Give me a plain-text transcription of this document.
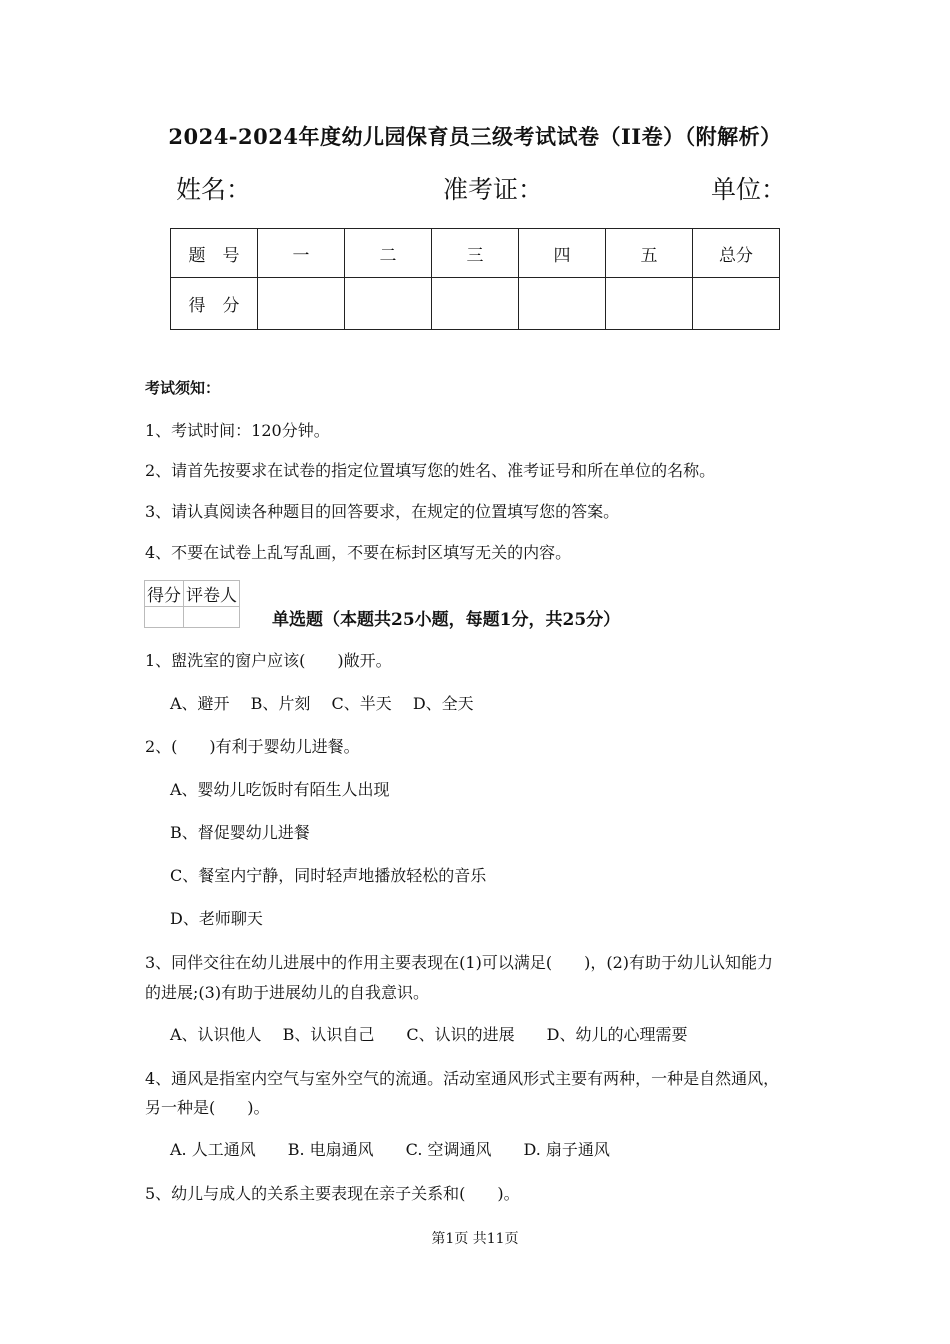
2024-2024年度幼儿园保育员三级考试试卷（II卷）（附解析）
姓名：	准考证：	单位：
题　号	一	二	三	四	五	总分
得　分						
考试须知：
1、考试时间：120分钟。
2、请首先按要求在试卷的指定位置填写您的姓名、准考证号和所在单位的名称。
3、请认真阅读各种题目的回答要求，在规定的位置填写您的答案。
4、不要在试卷上乱写乱画，不要在标封区填写无关的内容。
得分	评卷人

单选题（本题共25小题，每题1分，共25分）
1、盥洗室的窗户应该(　　)敞开。
A、避开　 B、片刻　 C、半天　 D、全天
2、(　　)有利于婴幼儿进餐。
A、婴幼儿吃饭时有陌生人出现
B、督促婴幼儿进餐
C、餐室内宁静，同时轻声地播放轻松的音乐
D、老师聊天
3、同伴交往在幼儿进展中的作用主要表现在(1)可以满足(　　)，(2)有助于幼儿认知能力
的进展;(3)有助于进展幼儿的自我意识。
A、认识他人　 B、认识自己　　C、认识的进展　　D、幼儿的心理需要
4、通风是指室内空气与室外空气的流通。活动室通风形式主要有两种，一种是自然通风，
另一种是(　　)。
A. 人工通风　　B. 电扇通风　　C. 空调通风　　D. 扇子通风
5、幼儿与成人的关系主要表现在亲子关系和(　　)。
第1页 共11页
